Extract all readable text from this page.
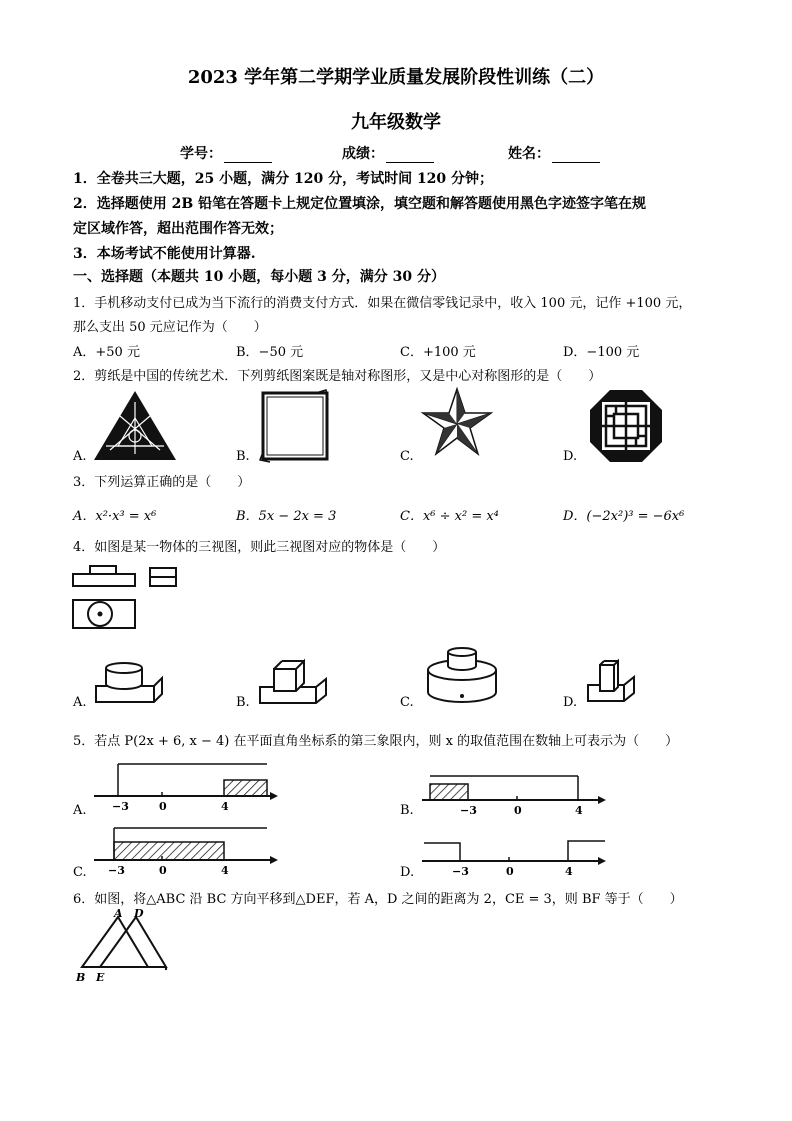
2023 学年第二学期学业质量发展阶段性训练（二）
九年级数学
学号：	成绩：	姓名：
1．全卷共三大题，25 小题，满分 120 分，考试时间 120 分钟；
2．选择题使用 2B 铅笔在答题卡上规定位置填涂，填空题和解答题使用黑色字迹签字笔在规
定区域作答，超出范围作答无效；
3．本场考试不能使用计算器.
一、选择题（本题共 10 小题，每小题 3 分，满分 30 分）
1．手机移动支付已成为当下流行的消费支付方式．如果在微信零钱记录中，收入 100 元，记作 +100 元，
那么支出 50 元应记作为（　　）
A．+50 元	B．−50 元	C．+100 元	D．−100 元
2．剪纸是中国的传统艺术．下列剪纸图案既是轴对称图形，又是中心对称图形的是（　　）
A.	B.	C.	D.
3．下列运算正确的是（　　）
A．x²·x³ = x⁶	B．5x − 2x = 3	C．x⁶ ÷ x² = x⁴	D．(−2x²)³ = −6x⁶
4．如图是某一物体的三视图，则此三视图对应的物体是（　　）
A.	B.	C.	D.
5．若点 P(2x + 6, x − 4) 在平面直角坐标系的第三象限内，则 x 的取值范围在数轴上可表示为（　　）
A.	B.
C.	D.
−3	0	4	−3	0	4
−3	0	4	−3	0	4
6．如图，将△ABC 沿 BC 方向平移到△DEF，若 A，D 之间的距离为 2，CE = 3，则 BF 等于（　　）
A D
B E
